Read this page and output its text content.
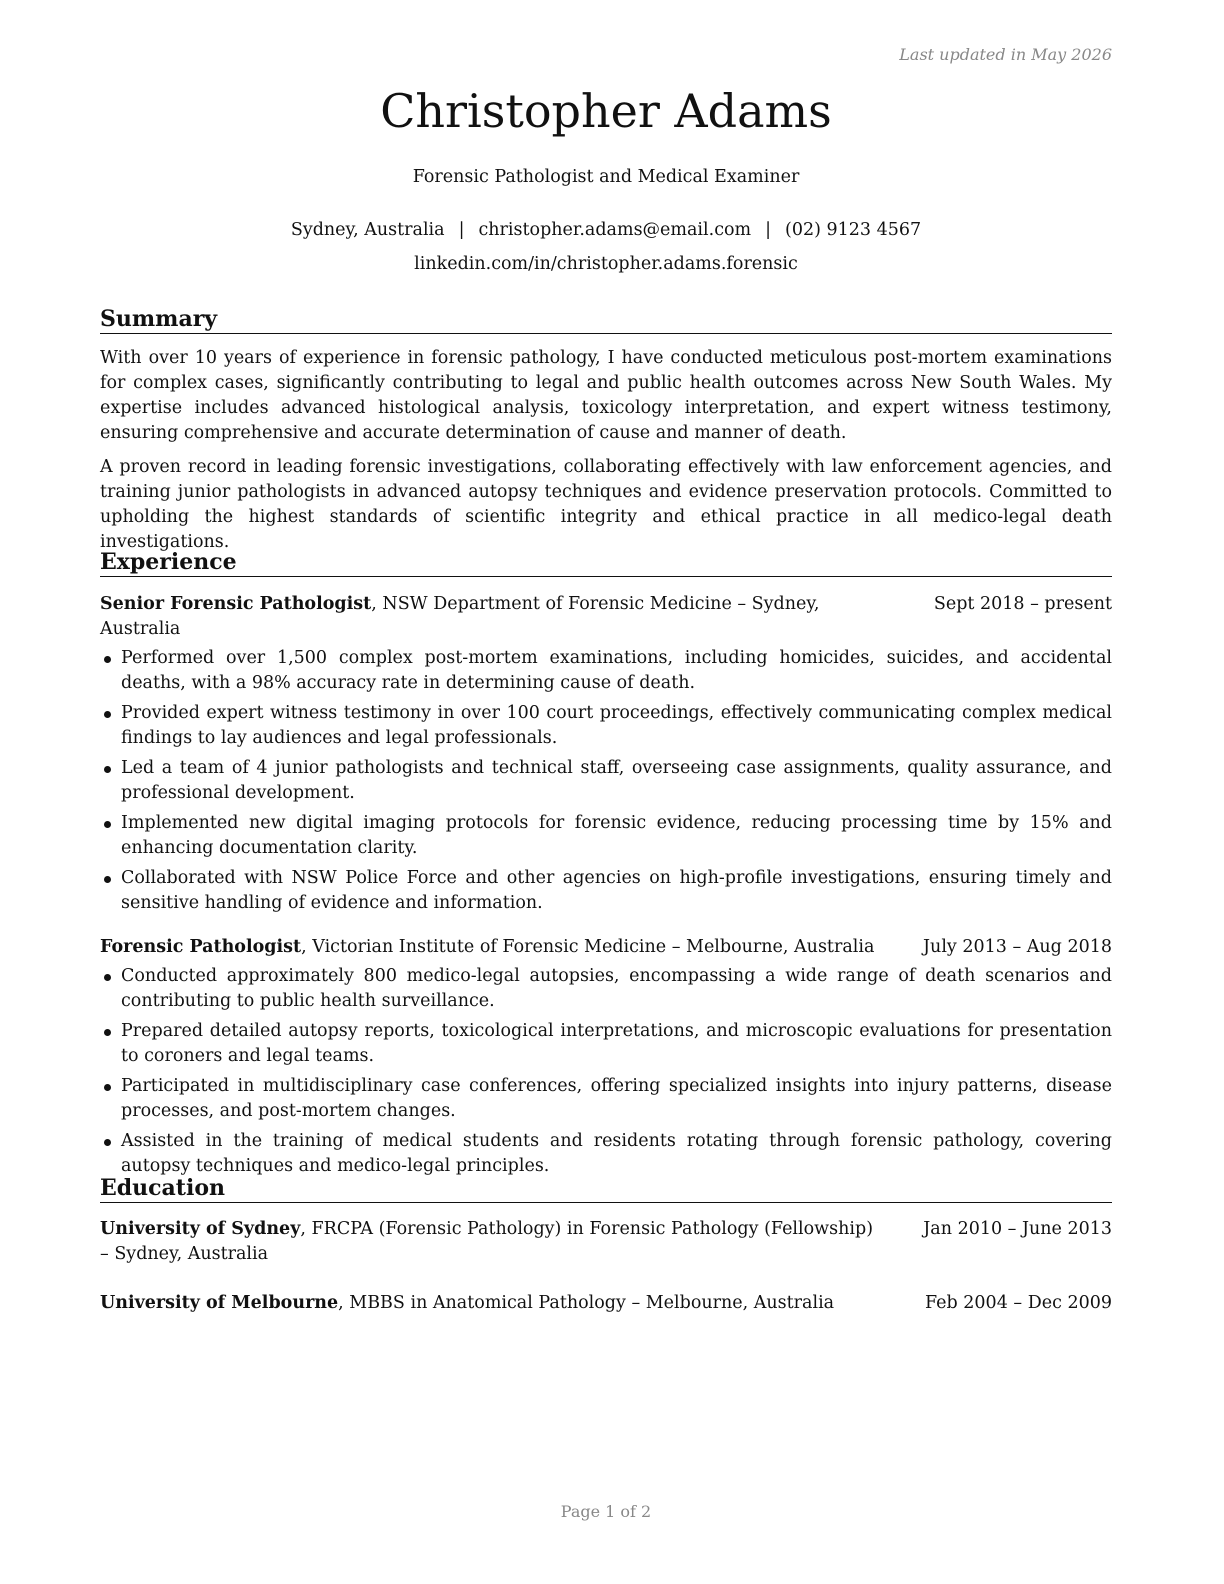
Last updated in May 2026
Christopher Adams
Forensic Pathologist and Medical Examiner
Sydney, Australia | christopher.adams@email.com | (02) 9123 4567
linkedin.com/in/christopher.adams.forensic
Summary

With over 10 years of experience in forensic pathology, I have conducted meticulous post-mortem examinations for complex cases, significantly contributing to legal and public health outcomes across New South Wales. My expertise includes advanced histological analysis, toxicology interpretation, and expert witness testimony, ensuring comprehensive and accurate determination of cause and manner of death.

A proven record in leading forensic investigations, collaborating effectively with law enforcement agencies, and training junior pathologists in advanced autopsy techniques and evidence preservation protocols. Committed to upholding the highest standards of scientific integrity and ethical practice in all medico-legal death investigations.

Experience
Senior Forensic Pathologist, NSW Department of Forensic Medicine – Sydney, Australia
Sept 2018 – present
Performed over 1,500 complex post-mortem examinations, including homicides, suicides, and accidental deaths, with a 98% accuracy rate in determining cause of death.
Provided expert witness testimony in over 100 court proceedings, effectively communicating complex medical findings to lay audiences and legal professionals.
Led a team of 4 junior pathologists and technical staff, overseeing case assignments, quality assurance, and professional development.
Implemented new digital imaging protocols for forensic evidence, reducing processing time by 15% and enhancing documentation clarity.
Collaborated with NSW Police Force and other agencies on high-profile investigations, ensuring timely and sensitive handling of evidence and information.
Forensic Pathologist, Victorian Institute of Forensic Medicine – Melbourne, Australia	July 2013 – Aug 2018
Conducted approximately 800 medico-legal autopsies, encompassing a wide range of death scenarios and contributing to public health surveillance.
Prepared detailed autopsy reports, toxicological interpretations, and microscopic evaluations for presentation to coroners and legal teams.
Participated in multidisciplinary case conferences, offering specialized insights into injury patterns, disease processes, and post-mortem changes.
Assisted in the training of medical students and residents rotating through forensic pathology, covering autopsy techniques and medico-legal principles.
Education
University of Sydney, FRCPA (Forensic Pathology) in Forensic Pathology (Fellowship) – Sydney, Australia
Jan 2010 – June 2013
University of Melbourne, MBBS in Anatomical Pathology – Melbourne, Australia	Feb 2004 – Dec 2009
Page 1 of 2
